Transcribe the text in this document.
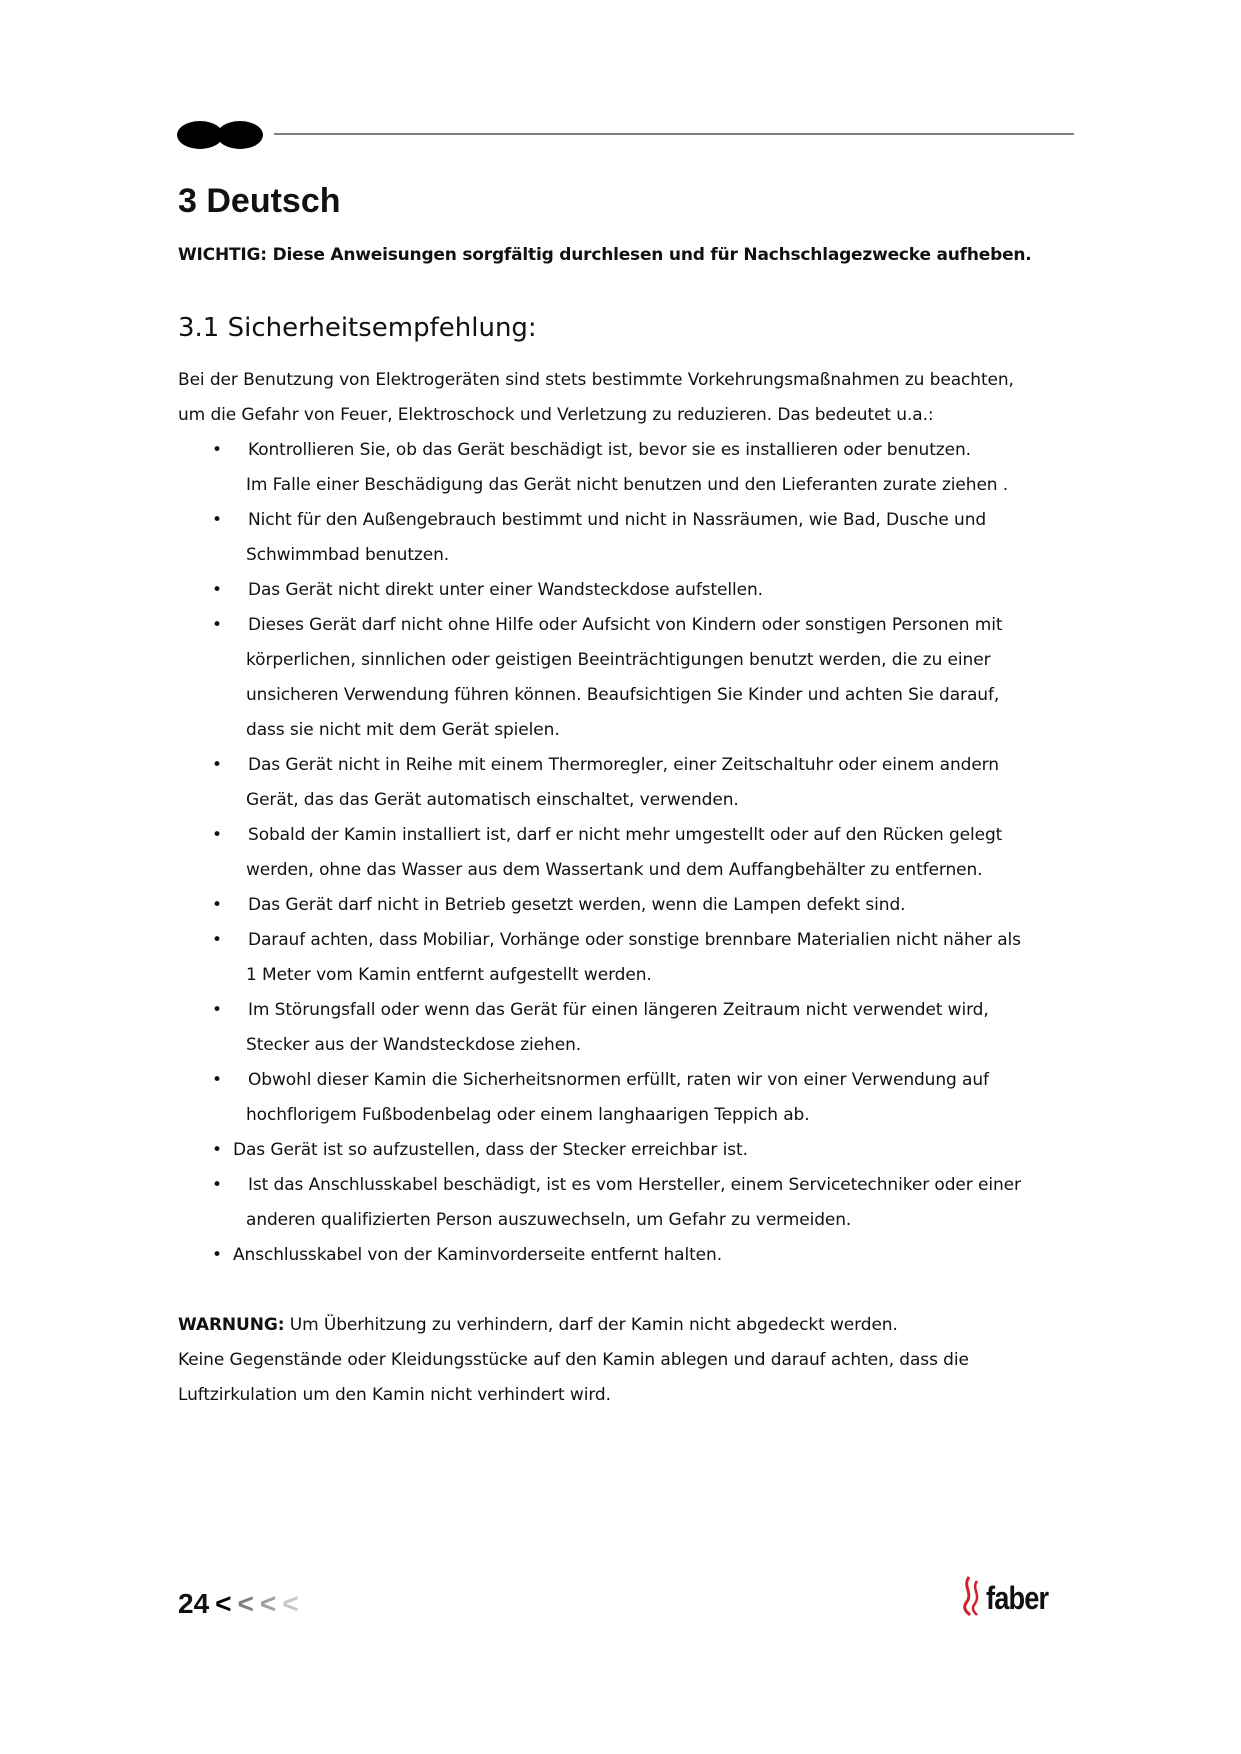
3 Deutsch
WICHTIG: Diese Anweisungen sorgfältig durchlesen und für Nachschlagezwecke aufheben.
3.1 Sicherheitsempfehlung:
Bei der Benutzung von Elektrogeräten sind stets bestimmte Vorkehrungsmaßnahmen zu beachten,
um die Gefahr von Feuer, Elektroschock und Verletzung zu reduzieren. Das bedeutet u.a.:
•	Kontrollieren Sie, ob das Gerät beschädigt ist, bevor sie es installieren oder benutzen.
Im Falle einer Beschädigung das Gerät nicht benutzen und den Lieferanten zurate ziehen .
•	Nicht für den Außengebrauch bestimmt und nicht in Nassräumen, wie Bad, Dusche und
Schwimmbad benutzen.
•	Das Gerät nicht direkt unter einer Wandsteckdose aufstellen.
•	Dieses Gerät darf nicht ohne Hilfe oder Aufsicht von Kindern oder sonstigen Personen mit
körperlichen, sinnlichen oder geistigen Beeinträchtigungen benutzt werden, die zu einer
unsicheren Verwendung führen können. Beaufsichtigen Sie Kinder und achten Sie darauf,
dass sie nicht mit dem Gerät spielen.
•	Das Gerät nicht in Reihe mit einem Thermoregler, einer Zeitschaltuhr oder einem andern
Gerät, das das Gerät automatisch einschaltet, verwenden.
•	Sobald der Kamin installiert ist, darf er nicht mehr umgestellt oder auf den Rücken gelegt
werden, ohne das Wasser aus dem Wassertank und dem Auffangbehälter zu entfernen.
•	Das Gerät darf nicht in Betrieb gesetzt werden, wenn die Lampen defekt sind.
•	Darauf achten, dass Mobiliar, Vorhänge oder sonstige brennbare Materialien nicht näher als
1 Meter vom Kamin entfernt aufgestellt werden.
•	Im Störungsfall oder wenn das Gerät für einen längeren Zeitraum nicht verwendet wird,
Stecker aus der Wandsteckdose ziehen.
•	Obwohl dieser Kamin die Sicherheitsnormen erfüllt, raten wir von einer Verwendung auf
hochflorigem Fußbodenbelag oder einem langhaarigen Teppich ab.
• Das Gerät ist so aufzustellen, dass der Stecker erreichbar ist.
•	Ist das Anschlusskabel beschädigt, ist es vom Hersteller, einem Servicetechniker oder einer
anderen qualifizierten Person auszuwechseln, um Gefahr zu vermeiden.
• Anschlusskabel von der Kaminvorderseite entfernt halten.
WARNUNG: Um Überhitzung zu verhindern, darf der Kamin nicht abgedeckt werden.
Keine Gegenstände oder Kleidungsstücke auf den Kamin ablegen und darauf achten, dass die
Luftzirkulation um den Kamin nicht verhindert wird.
24 < < < <	faber
